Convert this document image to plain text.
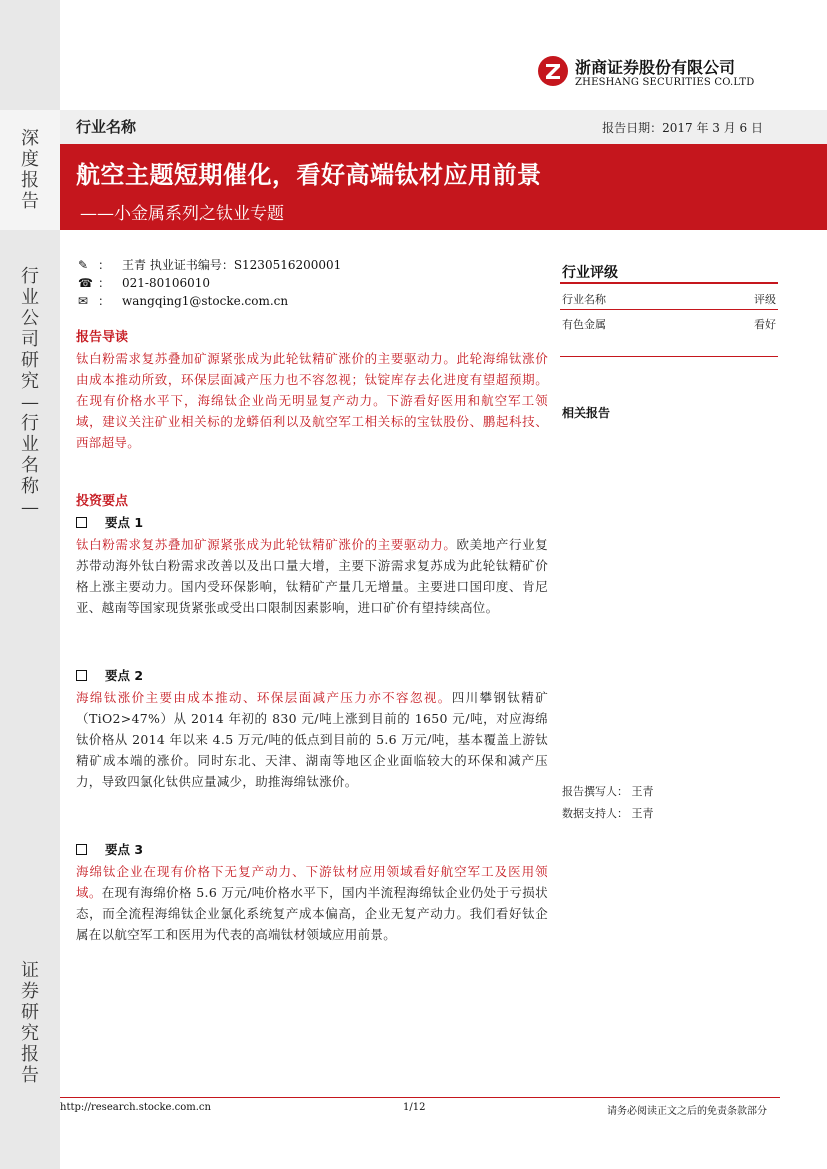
深
度
报
告
行
业
公
司
研
究
—
行
业
名
称
—
证
券
研
究
报
告
浙商证券股份有限公司
ZHESHANG SECURITIES CO.LTD
行业名称	报告日期：2017 年 3 月 6 日
航空主题短期催化，看好高端钛材应用前景
——小金属系列之钛业专题
✎ ： 王青 执业证书编号：S1230516200001
☎ ： 021-80106010
✉ ： wangqing1@stocke.com.cn
报告导读
钛白粉需求复苏叠加矿源紧张成为此轮钛精矿涨价的主要驱动力。此轮海绵钛涨价由成本推动所致，环保层面减产压力也不容忽视；钛锭库存去化进度有望超预期。在现有价格水平下，海绵钛企业尚无明显复产动力。下游看好医用和航空军工领域，建议关注矿业相关标的龙蟒佰利以及航空军工相关标的宝钛股份、鹏起科技、西部超导。
投资要点
要点 1
钛白粉需求复苏叠加矿源紧张成为此轮钛精矿涨价的主要驱动力。欧美地产行业复苏带动海外钛白粉需求改善以及出口量大增，主要下游需求复苏成为此轮钛精矿价格上涨主要动力。国内受环保影响，钛精矿产量几无增量。主要进口国印度、肯尼亚、越南等国家现货紧张或受出口限制因素影响，进口矿价有望持续高位。
要点 2
海绵钛涨价主要由成本推动、环保层面减产压力亦不容忽视。四川攀钢钛精矿（TiO2>47%）从 2014 年初的 830 元/吨上涨到目前的 1650 元/吨，对应海绵钛价格从 2014 年以来 4.5 万元/吨的低点到目前的 5.6 万元/吨，基本覆盖上游钛精矿成本端的涨价。同时东北、天津、湖南等地区企业面临较大的环保和减产压力，导致四氯化钛供应量减少，助推海绵钛涨价。
要点 3
海绵钛企业在现有价格下无复产动力、下游钛材应用领域看好航空军工及医用领域。在现有海绵价格 5.6 万元/吨价格水平下，国内半流程海绵钛企业仍处于亏损状态，而全流程海绵钛企业氯化系统复产成本偏高，企业无复产动力。我们看好钛企属在以航空军工和医用为代表的高端钛材领域应用前景。
行业评级
行业名称	评级
有色金属	看好
相关报告
报告撰写人： 王青
数据支持人： 王青
http://research.stocke.com.cn	1/12	请务必阅读正文之后的免责条款部分
